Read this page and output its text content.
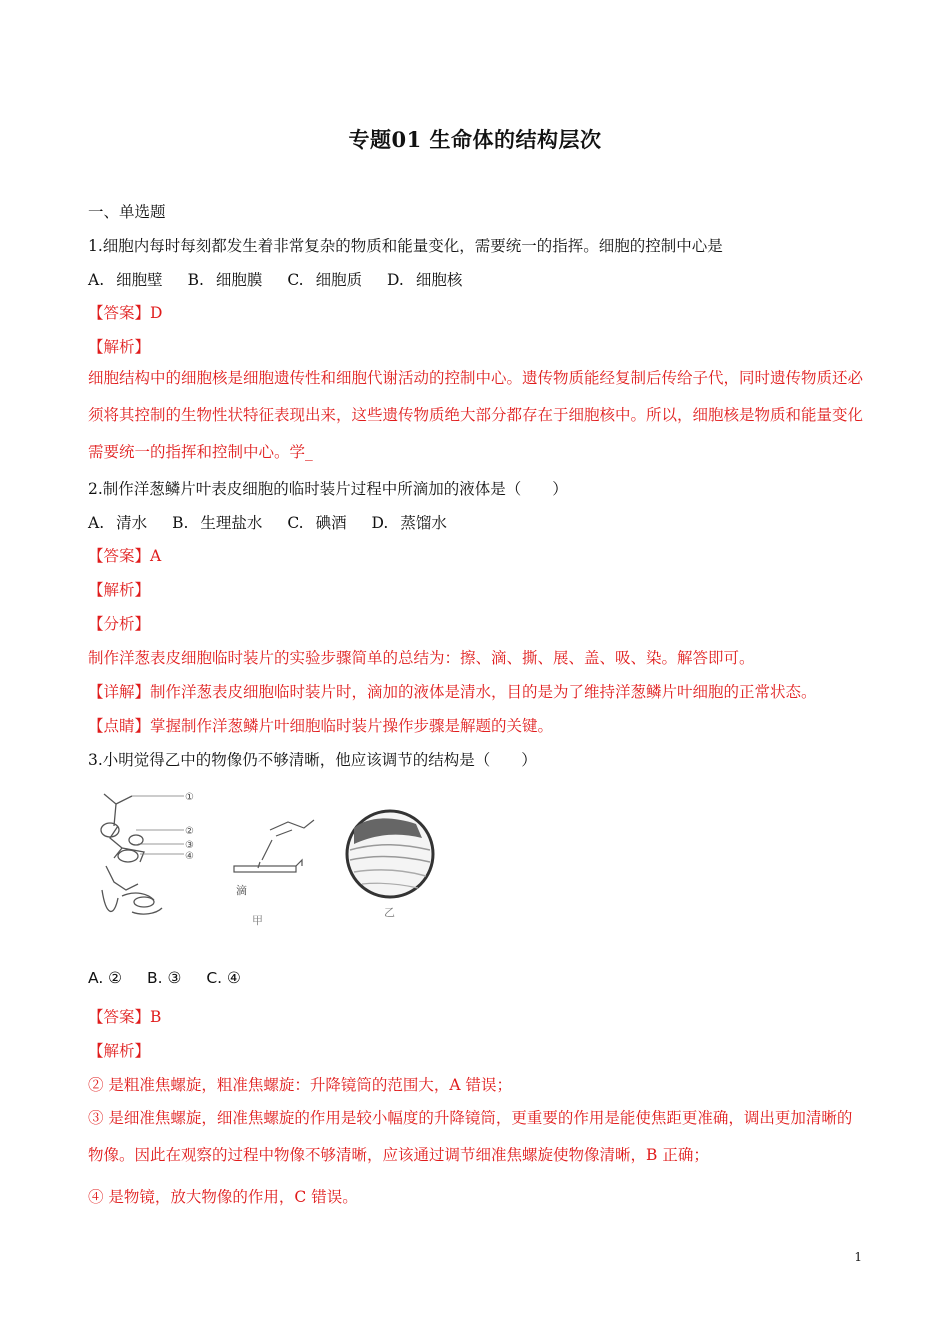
专题01 生命体的结构层次
一、单选题
1.细胞内每时每刻都发生着非常复杂的物质和能量变化，需要统一的指挥。细胞的控制中心是
A. 细胞壁 B. 细胞膜 C. 细胞质 D. 细胞核
【答案】D
【解析】
细胞结构中的细胞核是细胞遗传性和细胞代谢活动的控制中心。遗传物质能经复制后传给子代，同时遗传物质还必须将其控制的生物性状特征表现出来，这些遗传物质绝大部分都存在于细胞核中。所以，细胞核是物质和能量变化需要统一的指挥和控制中心。学_
2.制作洋葱鳞片叶表皮细胞的临时装片过程中所滴加的液体是（　　）
A. 清水 B. 生理盐水 C. 碘酒 D. 蒸馏水
【答案】A
【解析】
【分析】
制作洋葱表皮细胞临时装片的实验步骤简单的总结为：擦、滴、撕、展、盖、吸、染。解答即可。
【详解】制作洋葱表皮细胞临时装片时，滴加的液体是清水，目的是为了维持洋葱鳞片叶细胞的正常状态。
【点睛】掌握制作洋葱鳞片叶细胞临时装片操作步骤是解题的关键。
3.小明觉得乙中的物像仍不够清晰，他应该调节的结构是（　　）
①
②
③
④
滴
甲
乙
A. ② B. ③ C. ④
【答案】B
【解析】
② 是粗准焦螺旋，粗准焦螺旋：升降镜筒的范围大，A 错误；
③ 是细准焦螺旋，细准焦螺旋的作用是较小幅度的升降镜筒，更重要的作用是能使焦距更准确，调出更加清晰的物像。因此在观察的过程中物像不够清晰，应该通过调节细准焦螺旋使物像清晰，B 正确；
④ 是物镜，放大物像的作用，C 错误。
1
